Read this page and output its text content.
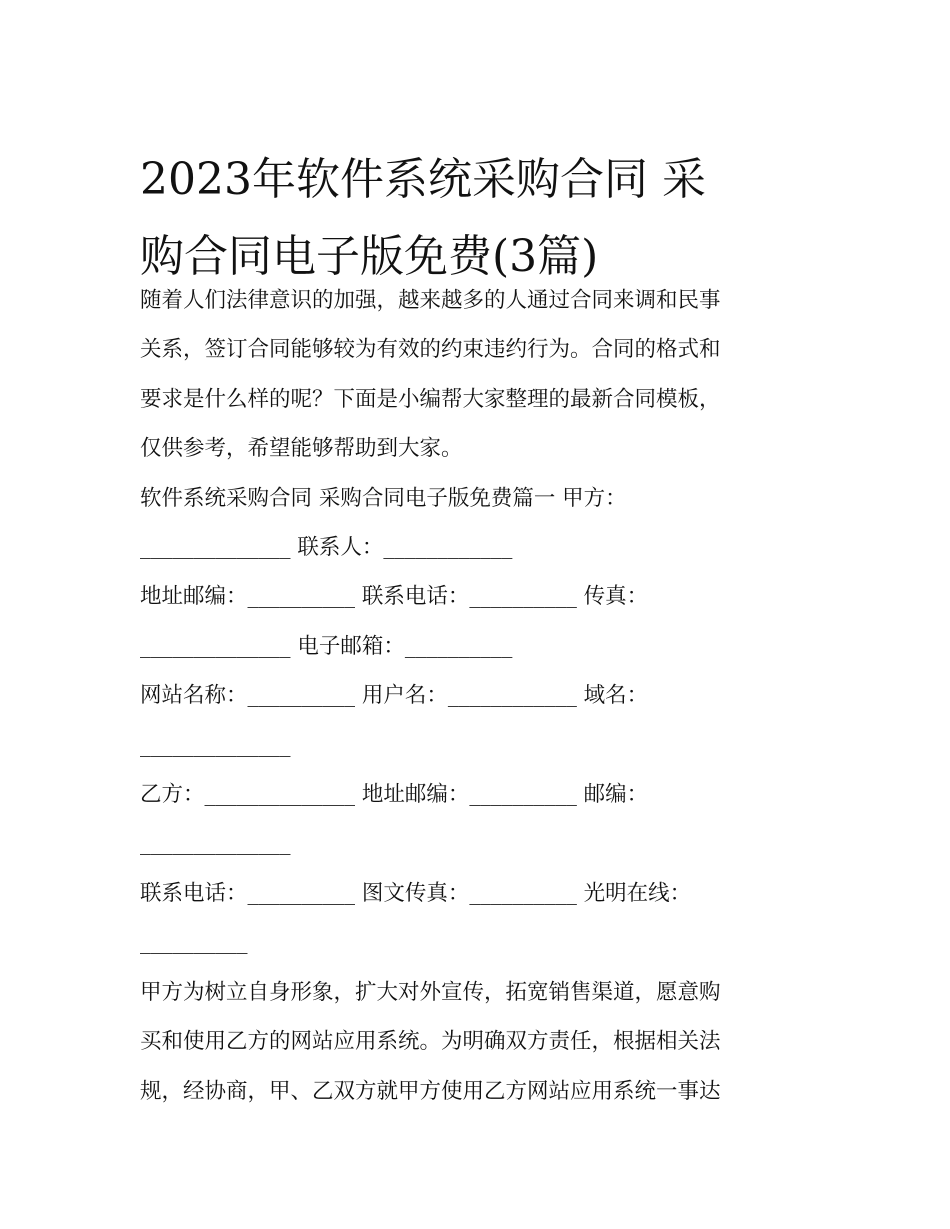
2023年软件系统采购合同 采
购合同电子版免费(3篇)
随着人们法律意识的加强，越来越多的人通过合同来调和民事
关系，签订合同能够较为有效的约束违约行为。合同的格式和
要求是什么样的呢？下面是小编帮大家整理的最新合同模板，
仅供参考，希望能够帮助到大家。
软件系统采购合同 采购合同电子版免费篇一 甲方：
______________ 联系人：____________
地址邮编：__________ 联系电话：__________ 传真：
______________ 电子邮箱：__________
网站名称：__________ 用户名：____________ 域名：
______________
乙方：______________ 地址邮编：__________ 邮编：
______________
联系电话：__________ 图文传真：__________ 光明在线：
__________
甲方为树立自身形象，扩大对外宣传，拓宽销售渠道，愿意购
买和使用乙方的网站应用系统。为明确双方责任，根据相关法
规，经协商，甲、乙双方就甲方使用乙方网站应用系统一事达
